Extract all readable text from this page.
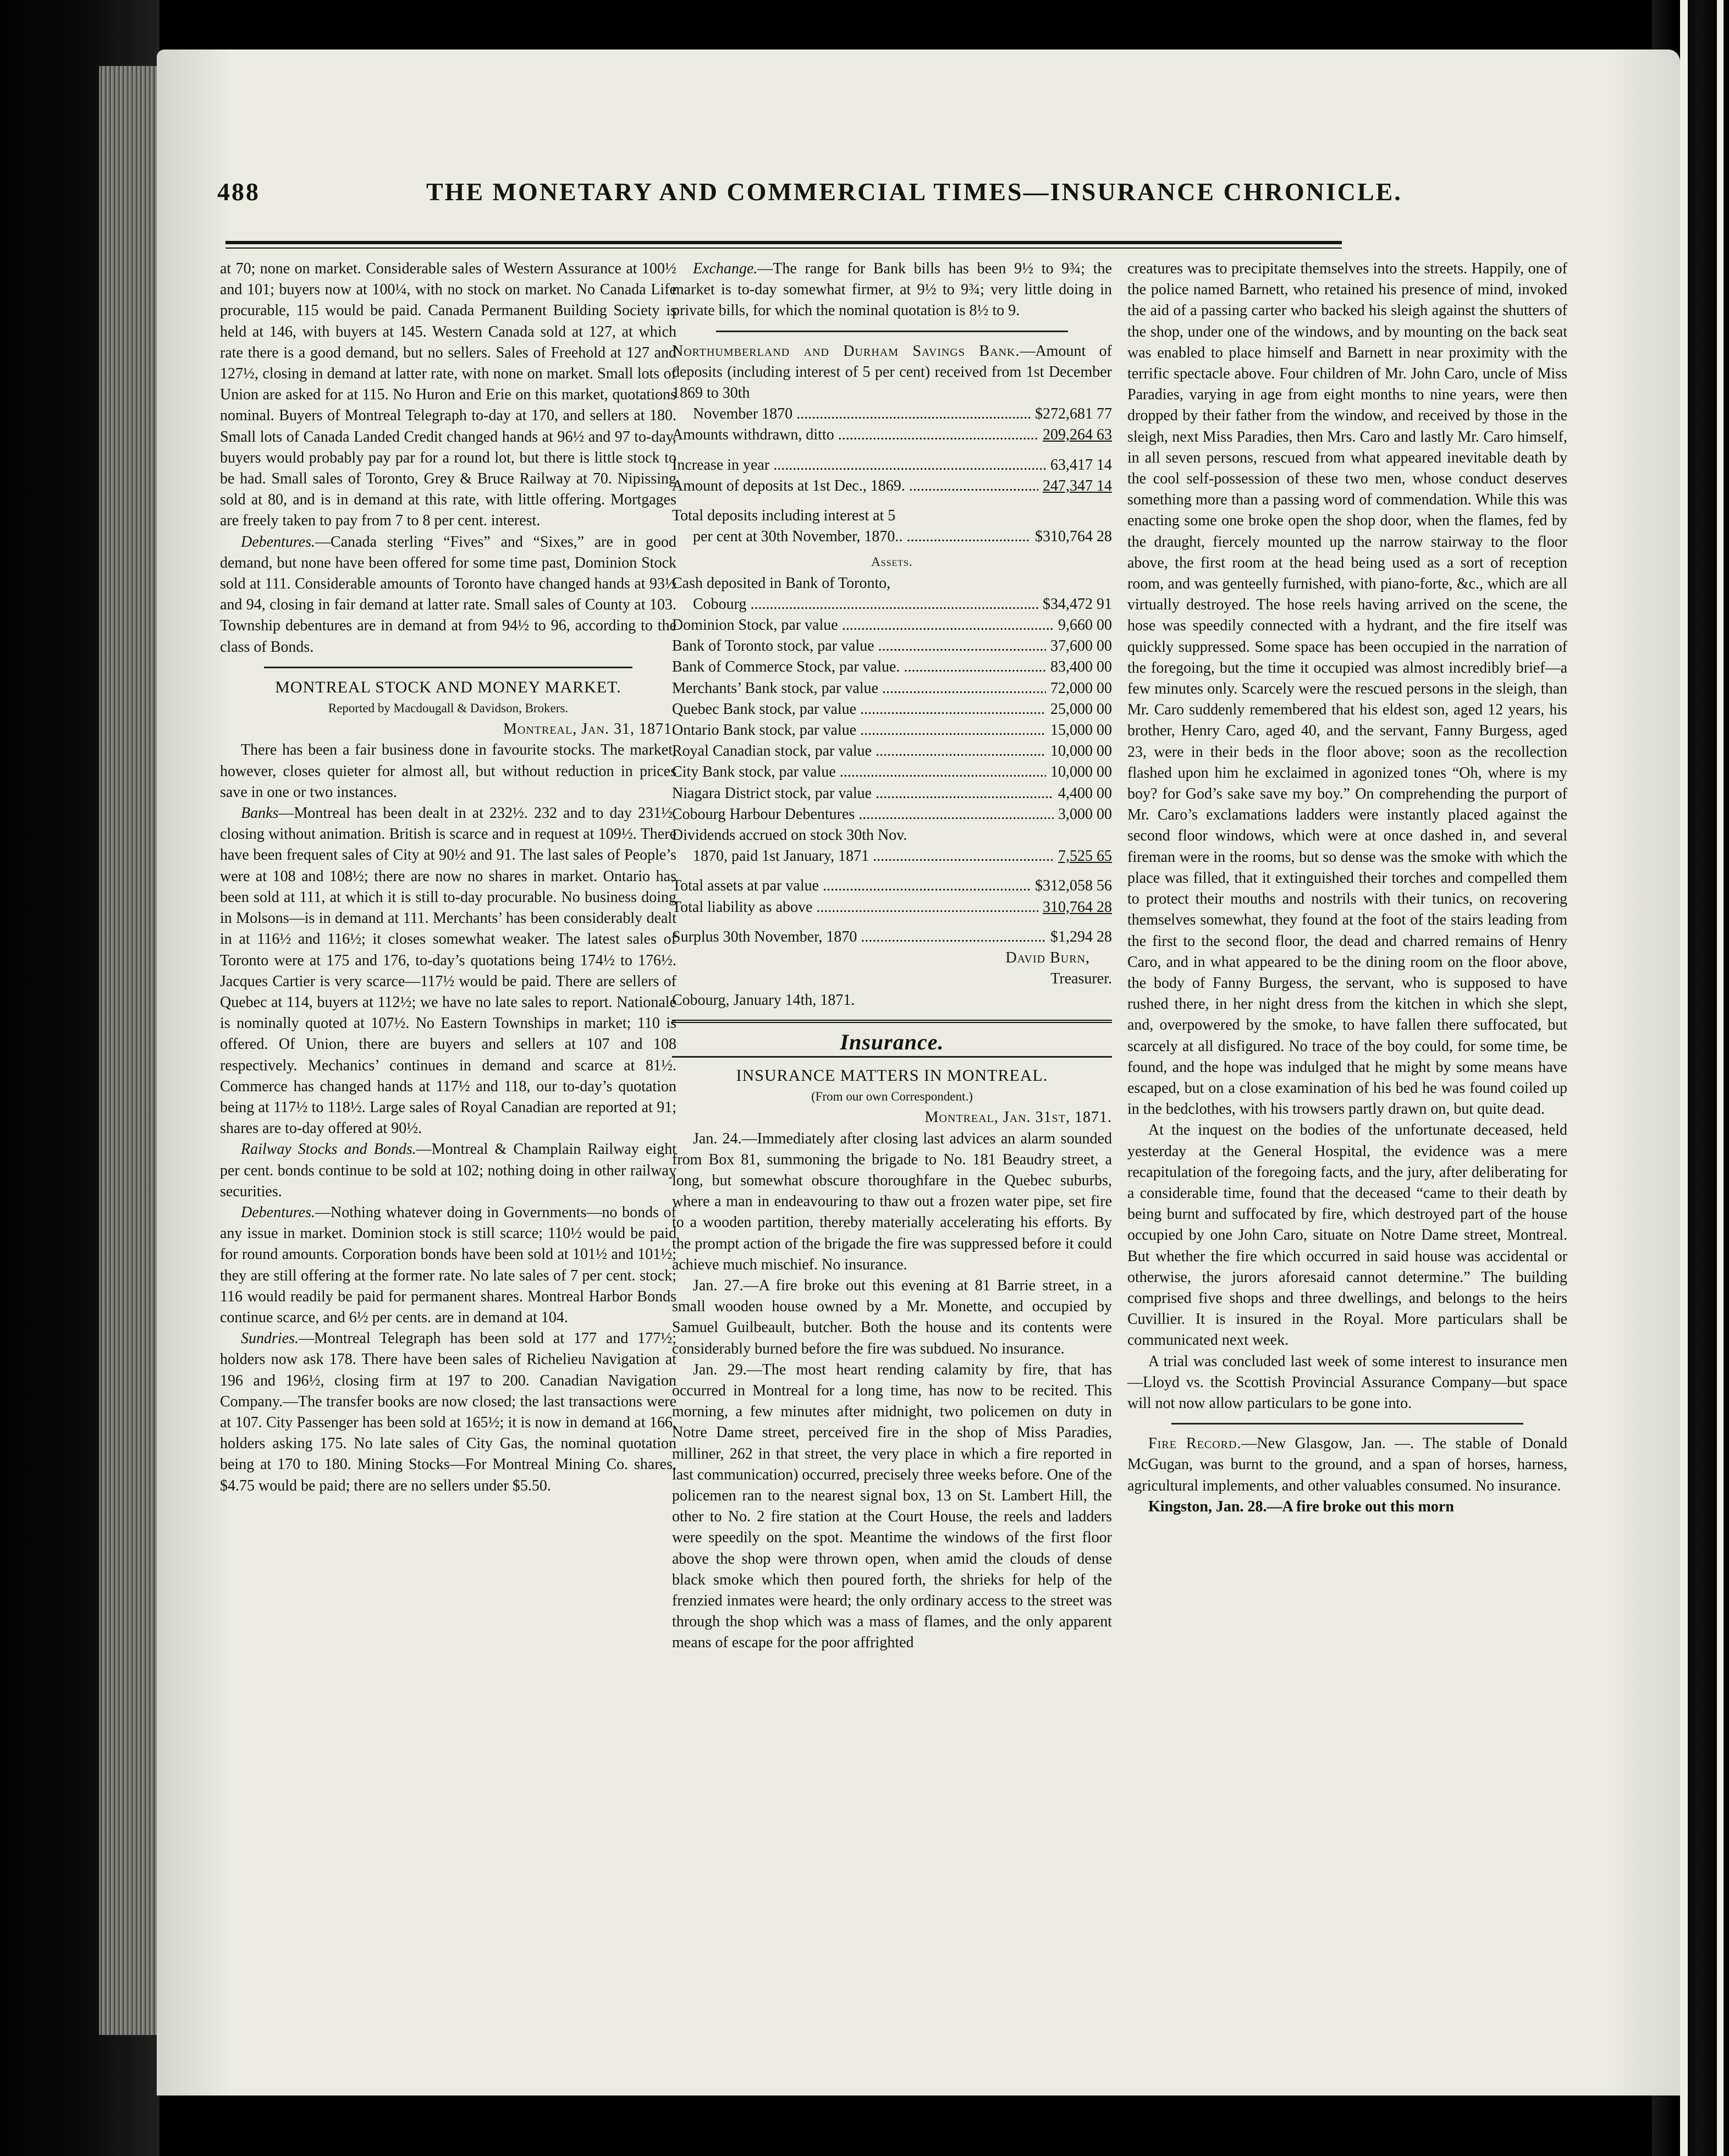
488	THE MONETARY AND COMMERCIAL TIMES—INSURANCE CHRONICLE.

at 70; none on market. Considerable sales of Western Assurance at 100½ and 101; buyers now at 100¼, with no stock on market. No Canada Life procurable, 115 would be paid. Canada Permanent Building Society is held at 146, with buyers at 145. Western Canada sold at 127, at which rate there is a good demand, but no sellers. Sales of Freehold at 127 and 127½, closing in demand at latter rate, with none on market. Small lots of Union are asked for at 115. No Huron and Erie on this market, quotations nominal. Buyers of Montreal Telegraph to-day at 170, and sellers at 180. Small lots of Canada Landed Credit changed hands at 96½ and 97 to-day, buyers would probably pay par for a round lot, but there is little stock to be had. Small sales of Toronto, Grey & Bruce Railway at 70. Nipissing sold at 80, and is in demand at this rate, with little offering. Mortgages are freely taken to pay from 7 to 8 per cent. interest.

Debentures.—Canada sterling “Fives” and “Sixes,” are in good demand, but none have been offered for some time past, Dominion Stock sold at 111. Considerable amounts of Toronto have changed hands at 93½ and 94, closing in fair demand at latter rate. Small sales of County at 103. Township debentures are in demand at from 94½ to 96, according to the class of Bonds.

MONTREAL STOCK AND MONEY MARKET.

Reported by Macdougall & Davidson, Brokers.

Montreal, Jan. 31, 1871.

There has been a fair business done in favourite stocks. The market, however, closes quieter for almost all, but without reduction in prices save in one or two instances.

Banks—Montreal has been dealt in at 232½. 232 and to day 231½, closing without animation. British is scarce and in request at 109½. There have been frequent sales of City at 90½ and 91. The last sales of People’s were at 108 and 108½; there are now no shares in market. Ontario has been sold at 111, at which it is still to-day procurable. No business doing in Molsons—is in demand at 111. Merchants’ has been considerably dealt in at 116½ and 116½; it closes somewhat weaker. The latest sales of Toronto were at 175 and 176, to-day’s quotations being 174½ to 176½. Jacques Cartier is very scarce—117½ would be paid. There are sellers of Quebec at 114, buyers at 112½; we have no late sales to report. Nationale is nominally quoted at 107½. No Eastern Townships in market; 110 is offered. Of Union, there are buyers and sellers at 107 and 108 respectively. Mechanics’ continues in demand and scarce at 81½. Commerce has changed hands at 117½ and 118, our to-day’s quotation being at 117½ to 118½. Large sales of Royal Canadian are reported at 91; shares are to-day offered at 90½.

Railway Stocks and Bonds.—Montreal & Champlain Railway eight per cent. bonds continue to be sold at 102; nothing doing in other railway securities.

Debentures.—Nothing whatever doing in Governments—no bonds of any issue in market. Dominion stock is still scarce; 110½ would be paid for round amounts. Corporation bonds have been sold at 101½ and 101½; they are still offering at the former rate. No late sales of 7 per cent. stock; 116 would readily be paid for permanent shares. Montreal Harbor Bonds continue scarce, and 6½ per cents. are in demand at 104.

Sundries.—Montreal Telegraph has been sold at 177 and 177½; holders now ask 178. There have been sales of Richelieu Navigation at 196 and 196½, closing firm at 197 to 200. Canadian Navigation Company.—The transfer books are now closed; the last transactions were at 107. City Passenger has been sold at 165½; it is now in demand at 166, holders asking 175. No late sales of City Gas, the nominal quotation being at 170 to 180. Mining Stocks—For Montreal Mining Co. shares, $4.75 would be paid; there are no sellers under $5.50.

Exchange.—The range for Bank bills has been 9½ to 9¾; the market is to-day somewhat firmer, at 9½ to 9¾; very little doing in private bills, for which the nominal quotation is 8½ to 9.

Northumberland and Durham Savings Bank.—Amount of deposits (including interest of 5 per cent) received from 1st December 1869 to 30th

November 1870 .....	$272,681 77
Amounts withdrawn, ditto .....	209,264 63
Increase in year .....	63,417 14
Amount of deposits at 1st Dec., 1869. .....	247,347 14

Total deposits including interest at 5

per cent at 30th November, 1870.. .....	$310,764 28

Assets.

Cash deposited in Bank of Toronto,

Cobourg .....	$34,472 91
Dominion Stock, par value .....	9,660 00
Bank of Toronto stock, par value .....	37,600 00
Bank of Commerce Stock, par value. .....	83,400 00
Merchants’ Bank stock, par value .....	72,000 00
Quebec Bank stock, par value .....	25,000 00
Ontario Bank stock, par value .....	15,000 00
Royal Canadian stock, par value .....	10,000 00
City Bank stock, par value .....	10,000 00
Niagara District stock, par value .....	4,400 00
Cobourg Harbour Debentures .....	3,000 00

Dividends accrued on stock 30th Nov.

1870, paid 1st January, 1871 .....	7,525 65
Total assets at par value .....	$312,058 56
Total liability as above .....	310,764 28
Surplus 30th November, 1870 .....	$1,294 28

David Burn,

Treasurer.

Cobourg, January 14th, 1871.

Insurance.

INSURANCE MATTERS IN MONTREAL.

(From our own Correspondent.)

Montreal, Jan. 31st, 1871.

Jan. 24.—Immediately after closing last advices an alarm sounded from Box 81, summoning the brigade to No. 181 Beaudry street, a long, but somewhat obscure thoroughfare in the Quebec suburbs, where a man in endeavouring to thaw out a frozen water pipe, set fire to a wooden partition, thereby materially accelerating his efforts. By the prompt action of the brigade the fire was suppressed before it could achieve much mischief. No insurance.

Jan. 27.—A fire broke out this evening at 81 Barrie street, in a small wooden house owned by a Mr. Monette, and occupied by Samuel Guilbeault, butcher. Both the house and its contents were considerably burned before the fire was subdued. No insurance.

Jan. 29.—The most heart rending calamity by fire, that has occurred in Montreal for a long time, has now to be recited. This morning, a few minutes after midnight, two policemen on duty in Notre Dame street, perceived fire in the shop of Miss Paradies, milliner, 262 in that street, the very place in which a fire reported in last communication) occurred, precisely three weeks before. One of the policemen ran to the nearest signal box, 13 on St. Lambert Hill, the other to No. 2 fire station at the Court House, the reels and ladders were speedily on the spot. Meantime the windows of the first floor above the shop were thrown open, when amid the clouds of dense black smoke which then poured forth, the shrieks for help of the frenzied inmates were heard; the only ordinary access to the street was through the shop which was a mass of flames, and the only apparent means of escape for the poor affrighted

creatures was to precipitate themselves into the streets. Happily, one of the police named Barnett, who retained his presence of mind, invoked the aid of a passing carter who backed his sleigh against the shutters of the shop, under one of the windows, and by mounting on the back seat was enabled to place himself and Barnett in near proximity with the terrific spectacle above. Four children of Mr. John Caro, uncle of Miss Paradies, varying in age from eight months to nine years, were then dropped by their father from the window, and received by those in the sleigh, next Miss Paradies, then Mrs. Caro and lastly Mr. Caro himself, in all seven persons, rescued from what appeared inevitable death by the cool self-possession of these two men, whose conduct deserves something more than a passing word of commendation. While this was enacting some one broke open the shop door, when the flames, fed by the draught, fiercely mounted up the narrow stairway to the floor above, the first room at the head being used as a sort of reception room, and was genteelly furnished, with piano-forte, &c., which are all virtually destroyed. The hose reels having arrived on the scene, the hose was speedily connected with a hydrant, and the fire itself was quickly suppressed. Some space has been occupied in the narration of the foregoing, but the time it occupied was almost incredibly brief—a few minutes only. Scarcely were the rescued persons in the sleigh, than Mr. Caro suddenly remembered that his eldest son, aged 12 years, his brother, Henry Caro, aged 40, and the servant, Fanny Burgess, aged 23, were in their beds in the floor above; soon as the recollection flashed upon him he exclaimed in agonized tones “Oh, where is my boy? for God’s sake save my boy.” On comprehending the purport of Mr. Caro’s exclamations ladders were instantly placed against the second floor windows, which were at once dashed in, and several fireman were in the rooms, but so dense was the smoke with which the place was filled, that it extinguished their torches and compelled them to protect their mouths and nostrils with their tunics, on recovering themselves somewhat, they found at the foot of the stairs leading from the first to the second floor, the dead and charred remains of Henry Caro, and in what appeared to be the dining room on the floor above, the body of Fanny Burgess, the servant, who is supposed to have rushed there, in her night dress from the kitchen in which she slept, and, overpowered by the smoke, to have fallen there suffocated, but scarcely at all disfigured. No trace of the boy could, for some time, be found, and the hope was indulged that he might by some means have escaped, but on a close examination of his bed he was found coiled up in the bedclothes, with his trowsers partly drawn on, but quite dead.

At the inquest on the bodies of the unfortunate deceased, held yesterday at the General Hospital, the evidence was a mere recapitulation of the foregoing facts, and the jury, after deliberating for a considerable time, found that the deceased “came to their death by being burnt and suffocated by fire, which destroyed part of the house occupied by one John Caro, situate on Notre Dame street, Montreal. But whether the fire which occurred in said house was accidental or otherwise, the jurors aforesaid cannot determine.” The building comprised five shops and three dwellings, and belongs to the heirs Cuvillier. It is insured in the Royal. More particulars shall be communicated next week.

A trial was concluded last week of some interest to insurance men—Lloyd vs. the Scottish Provincial Assurance Company—but space will not now allow particulars to be gone into.

Fire Record.—New Glasgow, Jan. —. The stable of Donald McGugan, was burnt to the ground, and a span of horses, harness, agricultural implements, and other valuables consumed. No insurance.

Kingston, Jan. 28.—A fire broke out this morn
